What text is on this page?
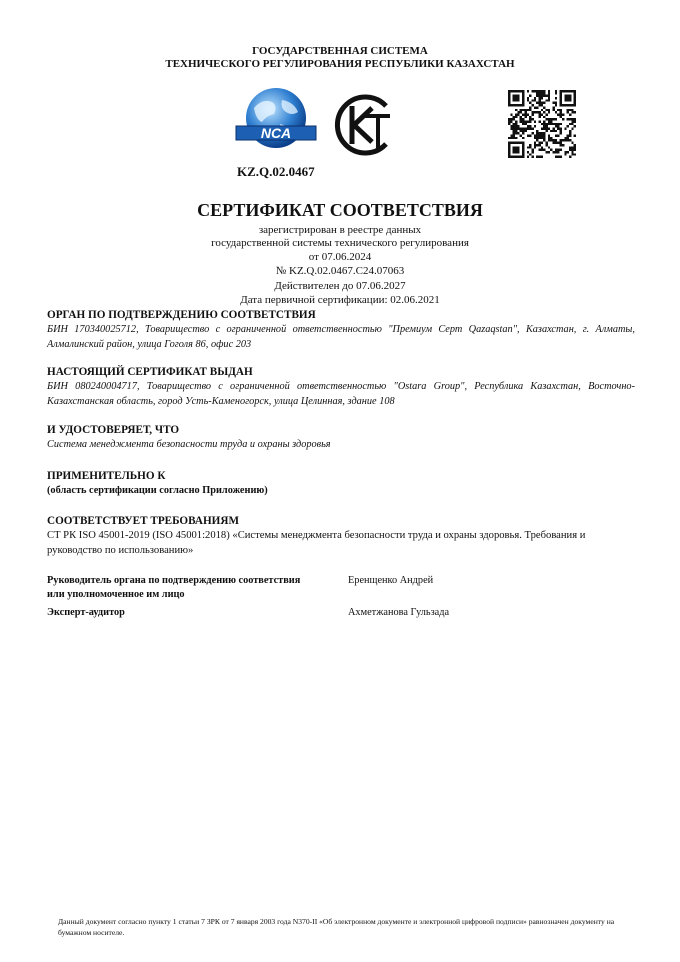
ГОСУДАРСТВЕННАЯ СИСТЕМА
ТЕХНИЧЕСКОГО РЕГУЛИРОВАНИЯ РЕСПУБЛИКИ КАЗАХСТАН
NCA
KZ.Q.02.0467
СЕРТИФИКАТ СООТВЕТСТВИЯ
зарегистрирован в реестре данных
государственной системы технического регулирования
от 07.06.2024
№ KZ.Q.02.0467.C24.07063
Действителен до 07.06.2027
Дата первичной сертификации: 02.06.2021
ОРГАН ПО ПОДТВЕРЖДЕНИЮ СООТВЕТСТВИЯ
БИН 170340025712, Товарищество с ограниченной ответственностью "Премиум Серт Qazaqstan", Казахстан, г. Алматы, Алмалинский район, улица Гоголя 86, офис 203
НАСТОЯЩИЙ СЕРТИФИКАТ ВЫДАН
БИН 080240004717, Товарищество с ограниченной ответственностью "Ostara Group", Республика Казахстан, Восточно-Казахстанская область, город Усть-Каменогорск, улица Целинная, здание 108
И УДОСТОВЕРЯЕТ, ЧТО
Система менеджмента безопасности труда и охраны здоровья
ПРИМЕНИТЕЛЬНО К
(область сертификации согласно Приложению)
СООТВЕТСТВУЕТ ТРЕБОВАНИЯМ
СТ РК ISO 45001-2019 (ISO 45001:2018) «Системы менеджмента безопасности труда и охраны здоровья. Требования и руководство по использованию»
Руководитель органа по подтверждению соответствия или уполномоченное им лицо
Еренщенко Андрей
Эксперт-аудитор	Ахметжанова Гульзада
Данный документ согласно пункту 1 статьи 7 ЗРК от 7 января 2003 года N370-II «Об электронном документе и электронной цифровой подписи» равнозначен документу на бумажном носителе.
